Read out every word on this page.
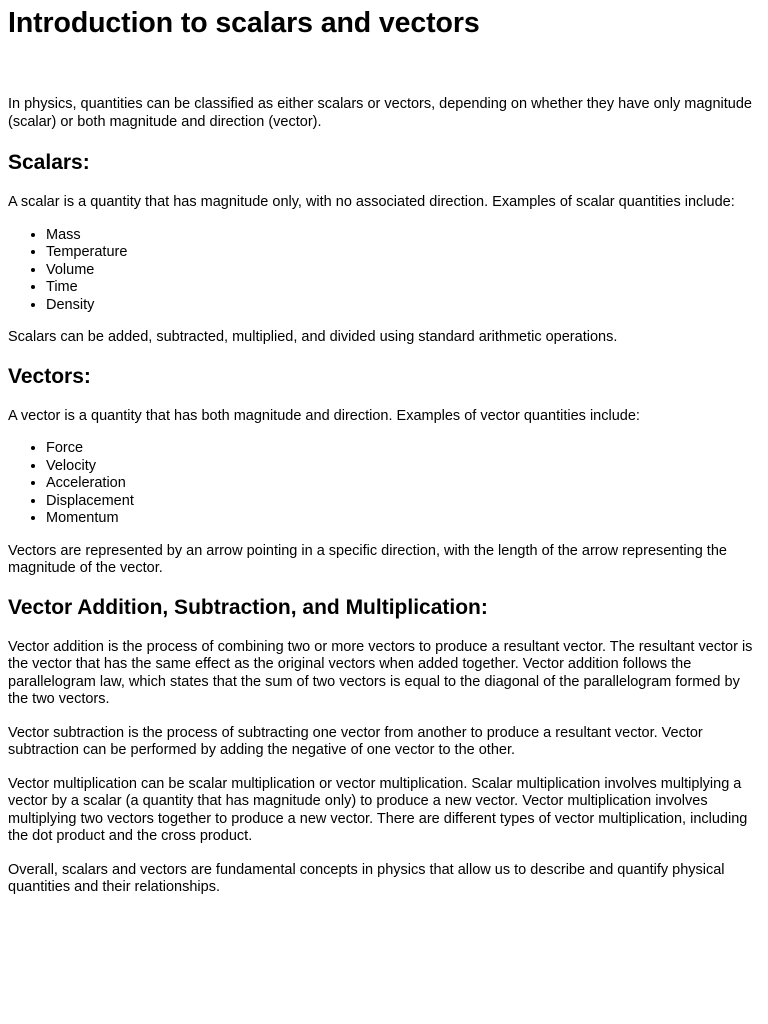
Introduction to scalars and vectors

In physics, quantities can be classified as either scalars or vectors, depending on whether they have only magnitude (scalar) or both magnitude and direction (vector).

Scalars:

A scalar is a quantity that has magnitude only, with no associated direction. Examples of scalar quantities include:

• Mass
• Temperature
• Volume
• Time
• Density

Scalars can be added, subtracted, multiplied, and divided using standard arithmetic operations.

Vectors:

A vector is a quantity that has both magnitude and direction. Examples of vector quantities include:

• Force
• Velocity
• Acceleration
• Displacement
• Momentum

Vectors are represented by an arrow pointing in a specific direction, with the length of the arrow representing the magnitude of the vector.

Vector Addition, Subtraction, and Multiplication:

Vector addition is the process of combining two or more vectors to produce a resultant vector. The resultant vector is the vector that has the same effect as the original vectors when added together. Vector addition follows the parallelogram law, which states that the sum of two vectors is equal to the diagonal of the parallelogram formed by the two vectors.

Vector subtraction is the process of subtracting one vector from another to produce a resultant vector. Vector subtraction can be performed by adding the negative of one vector to the other.

Vector multiplication can be scalar multiplication or vector multiplication. Scalar multiplication involves multiplying a vector by a scalar (a quantity that has magnitude only) to produce a new vector. Vector multiplication involves multiplying two vectors together to produce a new vector. There are different types of vector multiplication, including the dot product and the cross product.

Overall, scalars and vectors are fundamental concepts in physics that allow us to describe and quantify physical quantities and their relationships.
